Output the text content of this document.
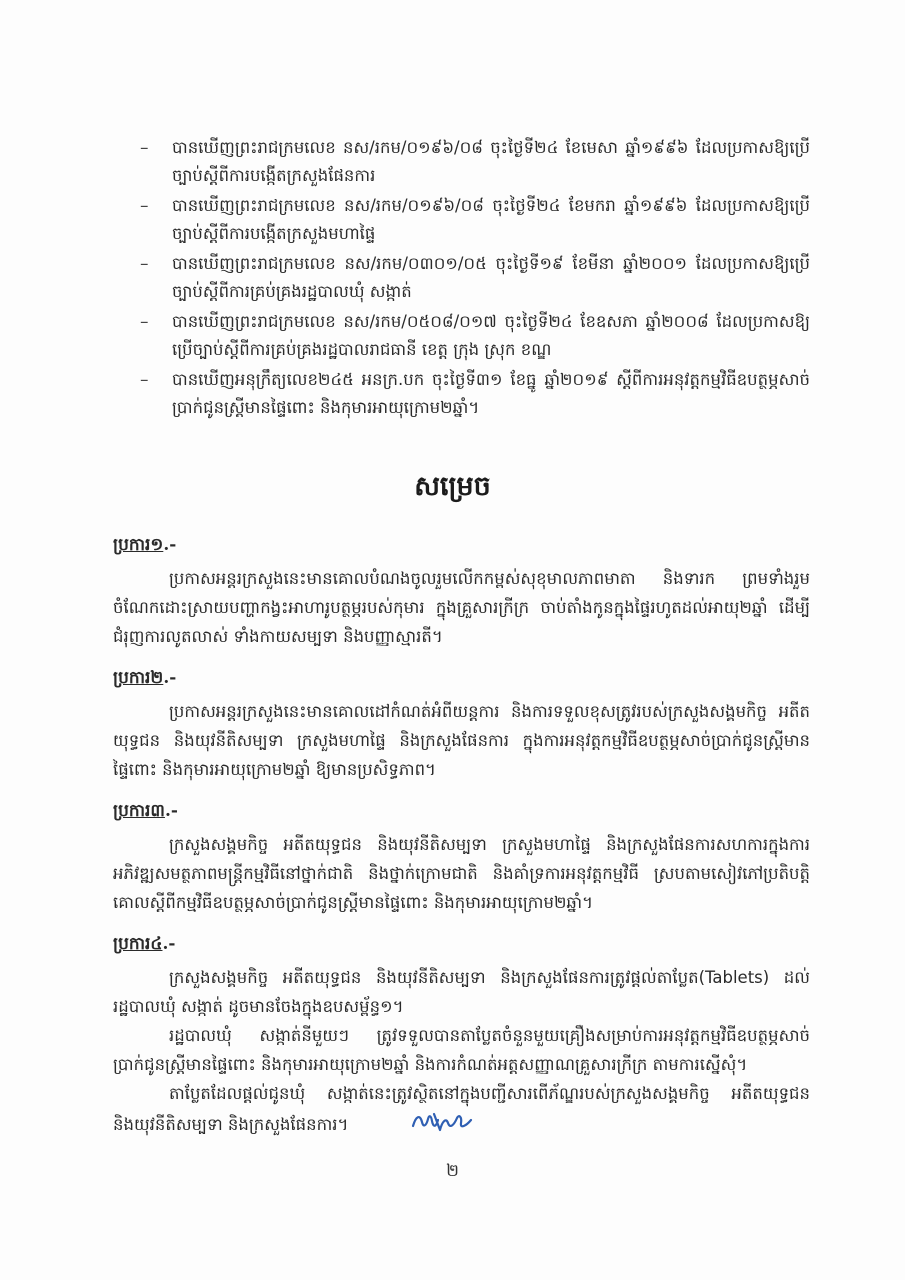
–	បានឃើញព្រះរាជក្រមលេខ នស/រកម/០១៩៦/០៨ ចុះថ្ងៃទី២៤ ខែមេសា ឆ្នាំ១៩៩៦ ដែលប្រកាសឱ្យប្រើច្បាប់ស្តីពីការបង្កើតក្រសួងផែនការ
–	បានឃើញព្រះរាជក្រមលេខ នស/រកម/០១៩៦/០៨ ចុះថ្ងៃទី២៤ ខែមករា ឆ្នាំ១៩៩៦ ដែលប្រកាសឱ្យប្រើច្បាប់ស្តីពីការបង្កើតក្រសួងមហាផ្ទៃ
–	បានឃើញព្រះរាជក្រមលេខ នស/រកម/០៣០១/០៥ ចុះថ្ងៃទី១៩ ខែមីនា ឆ្នាំ២០០១ ដែលប្រកាសឱ្យប្រើច្បាប់ស្តីពីការគ្រប់គ្រងរដ្ឋបាលឃុំ សង្កាត់
–	បានឃើញព្រះរាជក្រមលេខ នស/រកម/០៥០៨/០១៧ ចុះថ្ងៃទី២៤ ខែឧសភា ឆ្នាំ២០០៨ ដែលប្រកាសឱ្យប្រើច្បាប់ស្តីពីការគ្រប់គ្រងរដ្ឋបាលរាជធានី ខេត្ត ក្រុង ស្រុក ខណ្ឌ
–	បានឃើញអនុក្រឹត្យលេខ២៤៥ អនក្រ.បក ចុះថ្ងៃទី៣១ ខែធ្នូ ឆ្នាំ២០១៩ ស្តីពីការអនុវត្តកម្មវិធីឧបត្ថម្ភសាច់ប្រាក់ជូនស្ត្រីមានផ្ទៃពោះ និងកុមារអាយុក្រោម២ឆ្នាំ។
សម្រេច
ប្រការ១.-
ប្រកាសអន្តរក្រសួងនេះមានគោលបំណងចូលរួមលើកកម្ពស់សុខុមាលភាពមាតា និងទារក ព្រមទាំងរួមចំណែកដោះស្រាយបញ្ហាកង្វះអាហារូបត្ថម្ភរបស់កុមារ ក្នុងគ្រួសារក្រីក្រ ចាប់តាំងកូនក្នុងផ្ទៃរហូតដល់អាយុ២ឆ្នាំ ដើម្បីជំរុញការលូតលាស់ ទាំងកាយសម្បទា និងបញ្ញាស្មារតី។
ប្រការ២.-
ប្រកាសអន្តរក្រសួងនេះមានគោលដៅកំណត់អំពីយន្តការ និងការទទួលខុសត្រូវរបស់ក្រសួងសង្គមកិច្ច អតីតយុទ្ធជន និងយុវនីតិសម្បទា ក្រសួងមហាផ្ទៃ និងក្រសួងផែនការ ក្នុងការអនុវត្តកម្មវិធីឧបត្ថម្ភសាច់ប្រាក់ជូនស្ត្រីមានផ្ទៃពោះ និងកុមារអាយុក្រោម២ឆ្នាំ ឱ្យមានប្រសិទ្ធភាព។
ប្រការ៣.-
ក្រសួងសង្គមកិច្ច អតីតយុទ្ធជន និងយុវនីតិសម្បទា ក្រសួងមហាផ្ទៃ និងក្រសួងផែនការសហការក្នុងការអភិវឌ្ឍសមត្ថភាពមន្ត្រីកម្មវិធីនៅថ្នាក់ជាតិ និងថ្នាក់ក្រោមជាតិ និងគាំទ្រការអនុវត្តកម្មវិធី ស្របតាមសៀវភៅប្រតិបត្តិគោលស្តីពីកម្មវិធីឧបត្ថម្ភសាច់ប្រាក់ជូនស្ត្រីមានផ្ទៃពោះ និងកុមារអាយុក្រោម២ឆ្នាំ។
ប្រការ៤.-
ក្រសួងសង្គមកិច្ច អតីតយុទ្ធជន និងយុវនីតិសម្បទា និងក្រសួងផែនការត្រូវផ្តល់តាប្លែត(Tablets) ដល់រដ្ឋបាលឃុំ សង្កាត់ ដូចមានចែងក្នុងឧបសម្ព័ន្ធ១។
រដ្ឋបាលឃុំ សង្កាត់នីមួយៗ ត្រូវទទួលបានតាប្លែតចំនួនមួយគ្រឿងសម្រាប់ការអនុវត្តកម្មវិធីឧបត្ថម្ភសាច់ប្រាក់ជូនស្ត្រីមានផ្ទៃពោះ និងកុមារអាយុក្រោម២ឆ្នាំ និងការកំណត់អត្តសញ្ញាណគ្រួសារក្រីក្រ តាមការស្នើសុំ។
តាប្លែតដែលផ្តល់ជូនឃុំ សង្កាត់នេះត្រូវស្ថិតនៅក្នុងបញ្ជីសារពើភ័ណ្ឌរបស់ក្រសួងសង្គមកិច្ច អតីតយុទ្ធជន និងយុវនីតិសម្បទា និងក្រសួងផែនការ។
២
